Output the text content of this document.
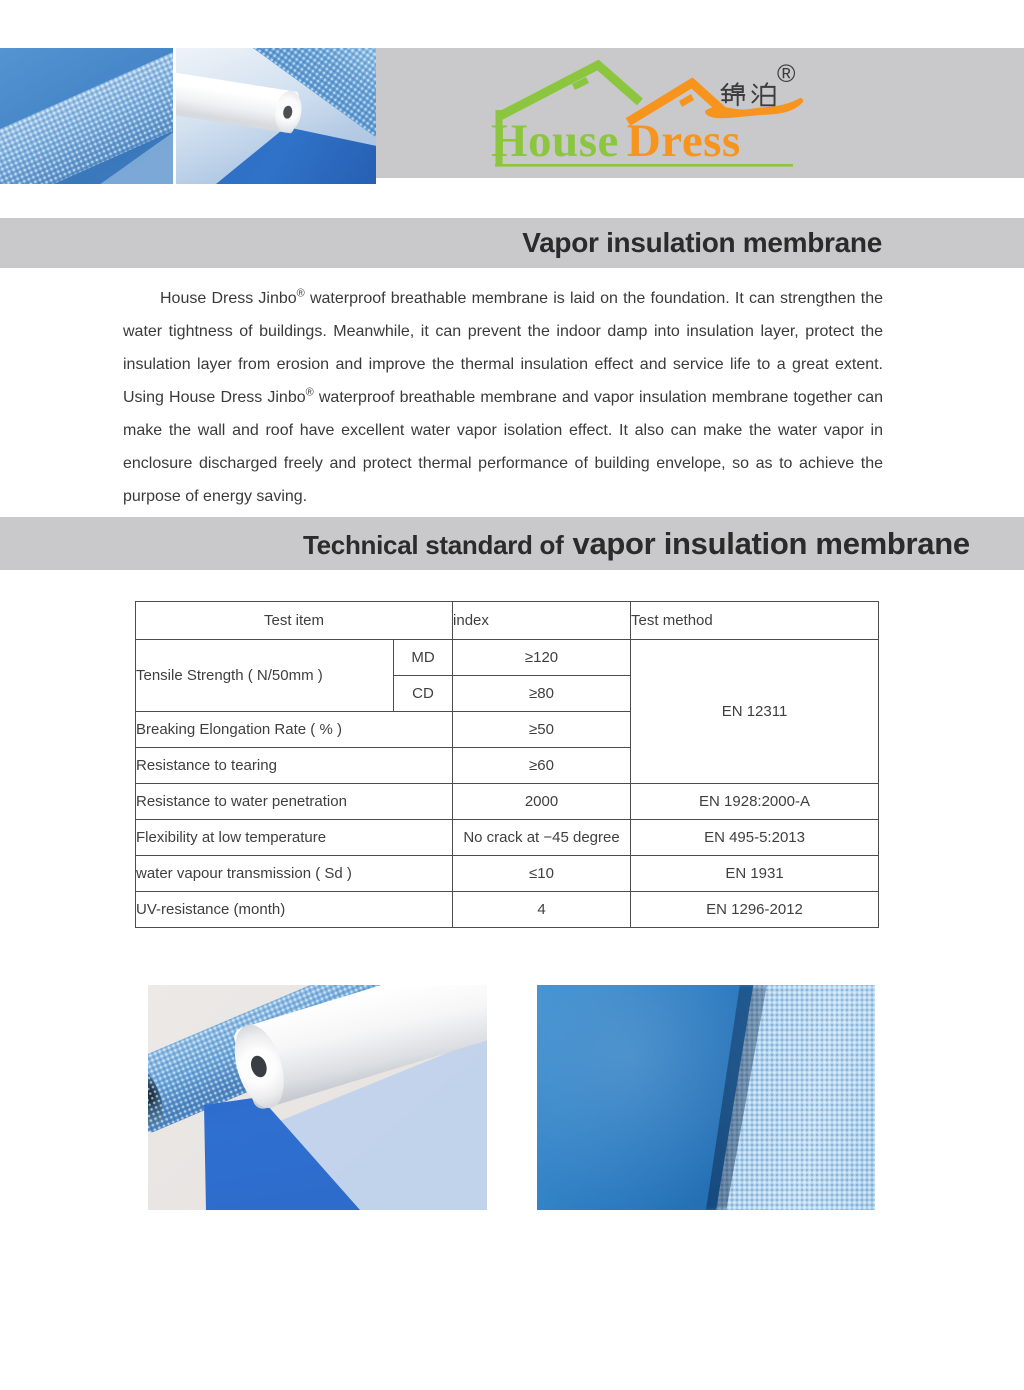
House Dress
®
Vapor insulation membrane

House Dress Jinbo® waterproof breathable membrane is laid on the foundation. It can strengthen the water tightness of buildings. Meanwhile, it can prevent the indoor damp into insulation layer, protect the insulation layer from erosion and improve the thermal insulation effect and service life to a great extent. Using House Dress Jinbo® waterproof breathable membrane and vapor insulation membrane together can make the wall and roof have excellent water vapor isolation effect. It also can make the water vapor in enclosure discharged freely and protect thermal performance of building envelope, so as to achieve the purpose of energy saving.

Technical standard of vapor insulation membrane
Test item		index	Test method
Tensile Strength ( N/50mm )	MD	≥120	EN 12311
	CD	≥80	
Breaking Elongation Rate ( % )		≥50	
Resistance to tearing		≥60	
Resistance to water penetration		2000	EN 1928:2000-A
Flexibility at low temperature		No crack at −45 degree	EN 495-5:2013
water vapour transmission ( Sd )		≤10	EN 1931
UV-resistance (month)		4	EN 1296-2012
